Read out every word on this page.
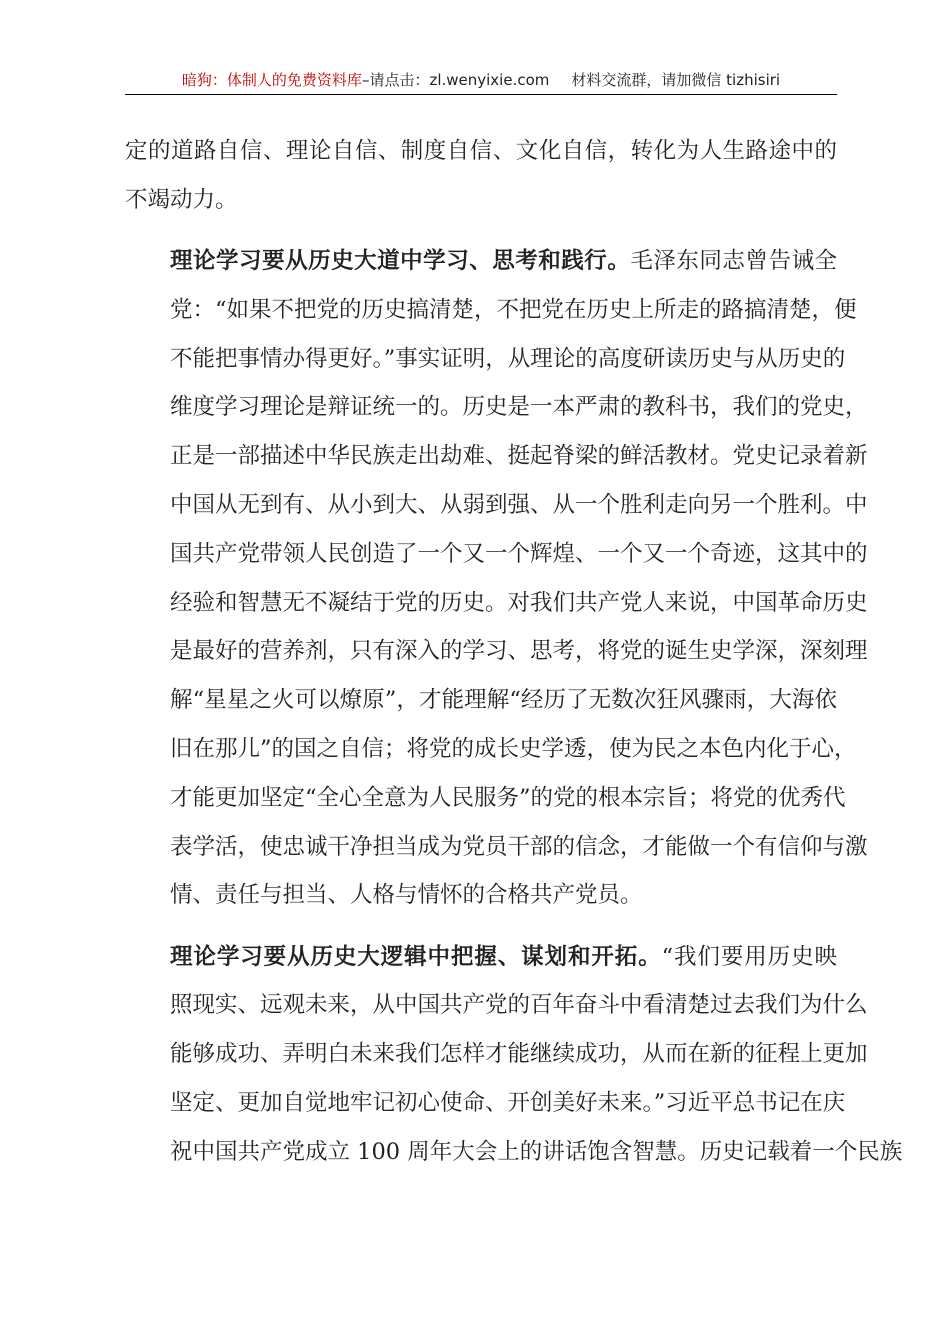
暗狗：体制人的免费资料库–请点击：zl.wenyixie.com 材料交流群，请加微信 tizhisiri
定的道路自信、理论自信、制度自信、文化自信，转化为人生路途中的
不竭动力。
理论学习要从历史大道中学习、思考和践行。毛泽东同志曾告诫全
党：“如果不把党的历史搞清楚，不把党在历史上所走的路搞清楚，便
不能把事情办得更好。”事实证明，从理论的高度研读历史与从历史的
维度学习理论是辩证统一的。历史是一本严肃的教科书，我们的党史，
正是一部描述中华民族走出劫难、挺起脊梁的鲜活教材。党史记录着新
中国从无到有、从小到大、从弱到强、从一个胜利走向另一个胜利。中
国共产党带领人民创造了一个又一个辉煌、一个又一个奇迹，这其中的
经验和智慧无不凝结于党的历史。对我们共产党人来说，中国革命历史
是最好的营养剂，只有深入的学习、思考，将党的诞生史学深，深刻理
解“星星之火可以燎原”，才能理解“经历了无数次狂风骤雨，大海依
旧在那儿”的国之自信；将党的成长史学透，使为民之本色内化于心，
才能更加坚定“全心全意为人民服务”的党的根本宗旨；将党的优秀代
表学活，使忠诚干净担当成为党员干部的信念，才能做一个有信仰与激
情、责任与担当、人格与情怀的合格共产党员。
理论学习要从历史大逻辑中把握、谋划和开拓。“我们要用历史映
照现实、远观未来，从中国共产党的百年奋斗中看清楚过去我们为什么
能够成功、弄明白未来我们怎样才能继续成功，从而在新的征程上更加
坚定、更加自觉地牢记初心使命、开创美好未来。”习近平总书记在庆
祝中国共产党成立 100 周年大会上的讲话饱含智慧。历史记载着一个民族
